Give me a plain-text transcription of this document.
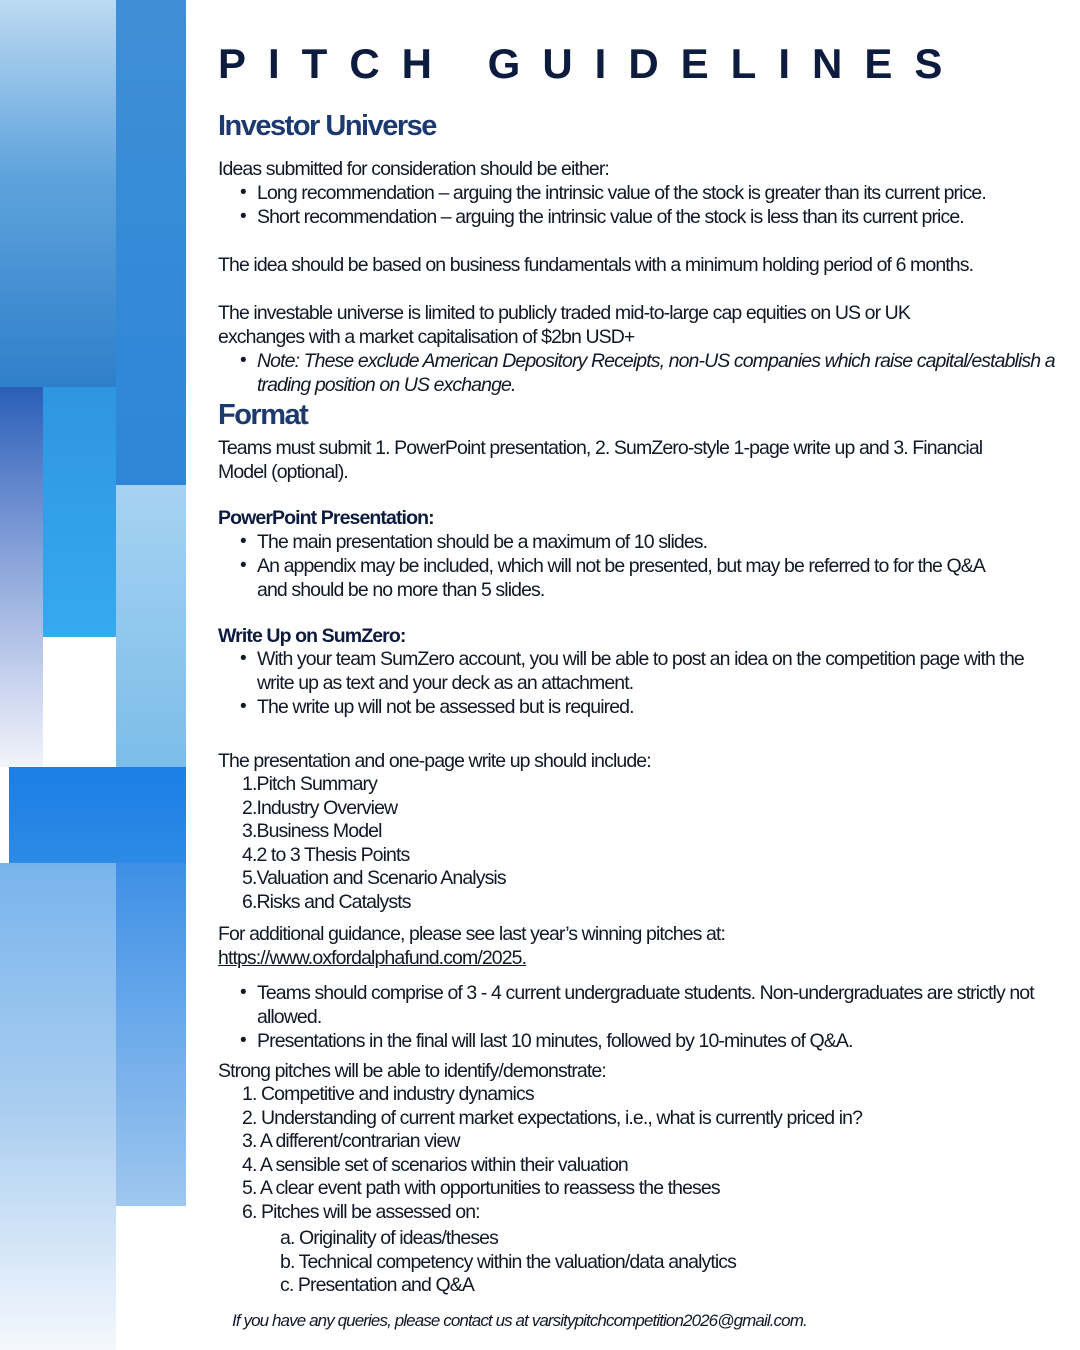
PITCH GUIDELINES
Investor Universe
Ideas submitted for consideration should be either:
• Long recommendation – arguing the intrinsic value of the stock is greater than its current price.
• Short recommendation – arguing the intrinsic value of the stock is less than its current price.
The idea should be based on business fundamentals with a minimum holding period of 6 months.
The investable universe is limited to publicly traded mid-to-large cap equities on US or UK exchanges with a market capitalisation of $2bn USD+
• Note: These exclude American Depository Receipts, non-US companies which raise capital/establish a trading position on US exchange.
Format
Teams must submit 1. PowerPoint presentation, 2. SumZero-style 1-page write up and 3. Financial Model (optional).
PowerPoint Presentation:
• The main presentation should be a maximum of 10 slides.
• An appendix may be included, which will not be presented, but may be referred to for the Q&A and should be no more than 5 slides.
Write Up on SumZero:
• With your team SumZero account, you will be able to post an idea on the competition page with the write up as text and your deck as an attachment.
• The write up will not be assessed but is required.
The presentation and one-page write up should include:
1.Pitch Summary
2.Industry Overview
3.Business Model
4.2 to 3 Thesis Points
5.Valuation and Scenario Analysis
6.Risks and Catalysts
For additional guidance, please see last year’s winning pitches at:
https://www.oxfordalphafund.com/2025.
• Teams should comprise of 3 - 4 current undergraduate students. Non-undergraduates are strictly not allowed.
• Presentations in the final will last 10 minutes, followed by 10-minutes of Q&A.
Strong pitches will be able to identify/demonstrate:
1. Competitive and industry dynamics
2. Understanding of current market expectations, i.e., what is currently priced in?
3. A different/contrarian view
4. A sensible set of scenarios within their valuation
5. A clear event path with opportunities to reassess the theses
6. Pitches will be assessed on:
a. Originality of ideas/theses
b. Technical competency within the valuation/data analytics
c. Presentation and Q&A
If you have any queries, please contact us at varsitypitchcompetition2026@gmail.com.
